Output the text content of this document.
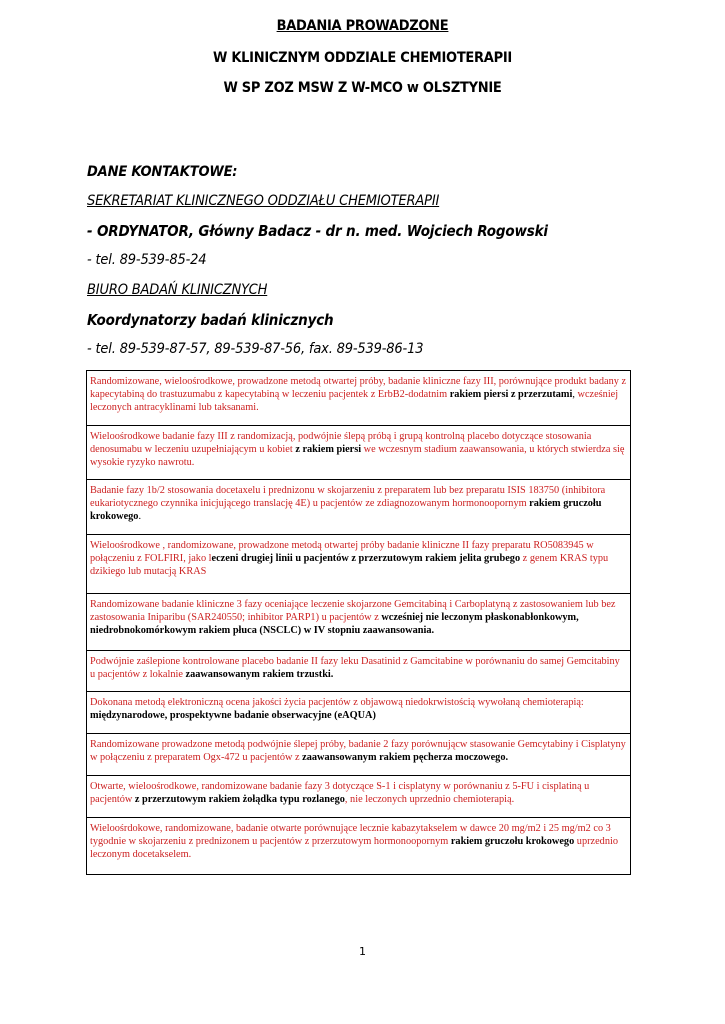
BADANIA PROWADZONE
W KLINICZNYM ODDZIALE CHEMIOTERAPII
W SP ZOZ MSW Z W-MCO w OLSZTYNIE
DANE KONTAKTOWE:
SEKRETARIAT KLINICZNEGO ODDZIAŁU CHEMIOTERAPII
- ORDYNATOR, Główny Badacz - dr n. med. Wojciech Rogowski
- tel. 89-539-85-24
BIURO BADAŃ KLINICZNYCH
Koordynatorzy badań klinicznych
- tel. 89-539-87-57, 89-539-87-56, fax. 89-539-86-13
Randomizowane, wieloośrodkowe, prowadzone metodą otwartej próby, badanie kliniczne fazy III, porównujące produkt badany z kapecytabiną do trastuzumabu z kapecytabiną w leczeniu pacjentek z ErbB2-dodatnim rakiem piersi z przerzutami, wcześniej leczonych antracyklinami lub taksanami.
Wieloośrodkowe badanie fazy III z randomizacją, podwójnie ślepą próbą i grupą kontrolną placebo dotyczące stosowania denosumabu w leczeniu uzupełniającym u kobiet z rakiem piersi we wczesnym stadium zaawansowania, u których stwierdza się wysokie ryzyko nawrotu.
Badanie fazy 1b/2 stosowania docetaxelu i prednizonu w skojarzeniu z preparatem lub bez preparatu ISIS 183750 (inhibitora eukariotycznego czynnika inicjującego translację 4E) u pacjentów ze zdiagnozowanym hormonoopornym rakiem gruczołu krokowego.
Wieloośrodkowe , randomizowane, prowadzone metodą otwartej próby badanie kliniczne II fazy preparatu RO5083945 w połączeniu z FOLFIRI, jako leczeni drugiej linii u pacjentów z przerzutowym rakiem jelita grubego z genem KRAS typu dzikiego lub mutacją KRAS
Randomizowane badanie kliniczne 3 fazy oceniające leczenie skojarzone Gemcitabiną i Carboplatyną z zastosowaniem lub bez zastosowania Iniparibu (SAR240550; inhibitor PARP1) u pacjentów z wcześniej nie leczonym płaskonabłonkowym, niedrobnokomórkowym rakiem płuca (NSCLC) w IV stopniu zaawansowania.
Podwójnie zaślepione kontrolowane placebo badanie II fazy leku Dasatinid z Gamcitabine w porównaniu do samej Gemcitabiny u pacjentów z lokalnie zaawansowanym rakiem trzustki.
Dokonana metodą elektroniczną ocena jakości życia pacjentów z objawową niedokrwistością wywołaną chemioterapią: międzynarodowe, prospektywne badanie obserwacyjne (eAQUA)
Randomizowane prowadzone metodą podwójnie ślepej próby, badanie 2 fazy porównującw stasowanie Gemcytabiny i Cisplatyny w połączeniu z preparatem Ogx-472 u pacjentów z zaawansowanym rakiem pęcherza moczowego.
Otwarte, wieloośrodkowe, randomizowane badanie fazy 3 dotyczące S-1 i cisplatyny w porównaniu z 5-FU i cisplatiną u pacjentów z przerzutowym rakiem żołądka typu rozlanego, nie leczonych uprzednio chemioterapią.
Wieloośrdokowe, randomizowane, badanie otwarte porównujące lecznie kabazytakselem w dawce 20 mg/m2 i 25 mg/m2 co 3 tygodnie w skojarzeniu z prednizonem u pacjentów z przerzutowym hormonoopornym rakiem gruczołu krokowego uprzednio leczonym docetakselem.
1
